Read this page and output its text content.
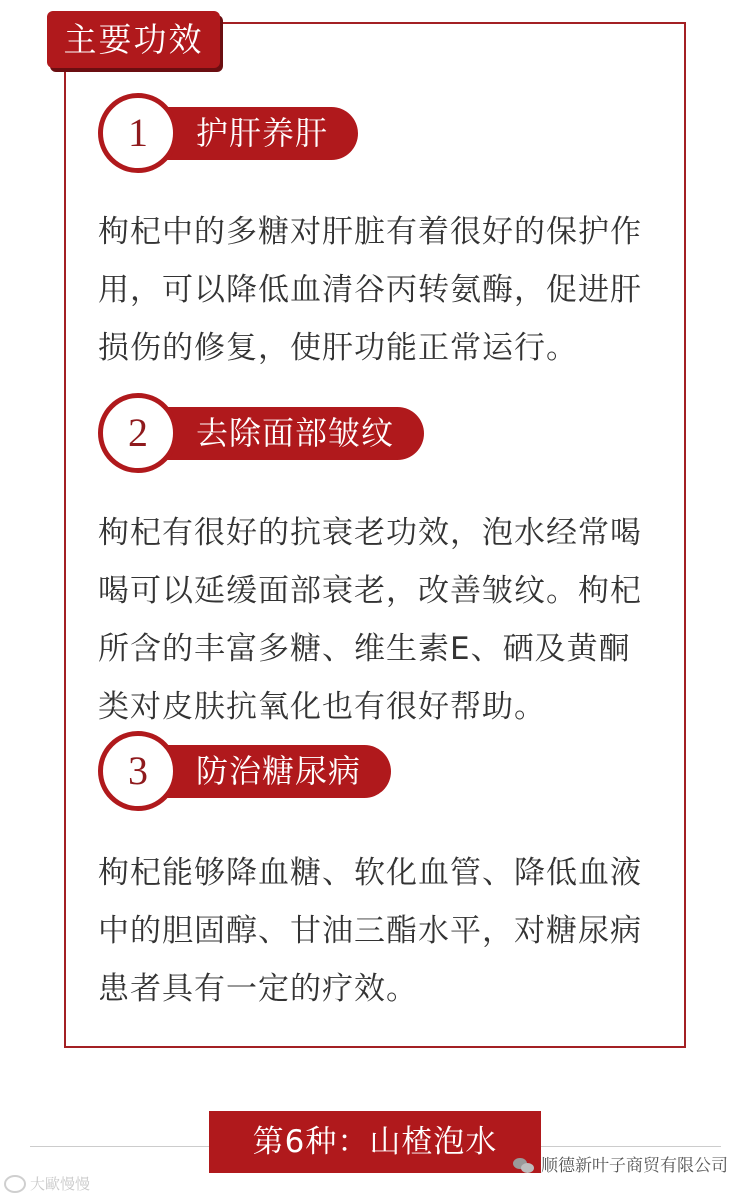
主要功效
护肝养肝
1
枸杞中的多糖对肝脏有着很好的保护作
用，可以降低血清谷丙转氨酶，促进肝
损伤的修复，使肝功能正常运行。
去除面部皱纹
2
枸杞有很好的抗衰老功效，泡水经常喝
喝可以延缓面部衰老，改善皱纹。枸杞
所含的丰富多糖、维生素E、硒及黄酮
类对皮肤抗氧化也有很好帮助。
防治糖尿病
3
枸杞能够降血糖、软化血管、降低血液
中的胆固醇、甘油三酯水平，对糖尿病
患者具有一定的疗效。
第6种：山楂泡水
顺德新叶子商贸有限公司
大歐慢慢
